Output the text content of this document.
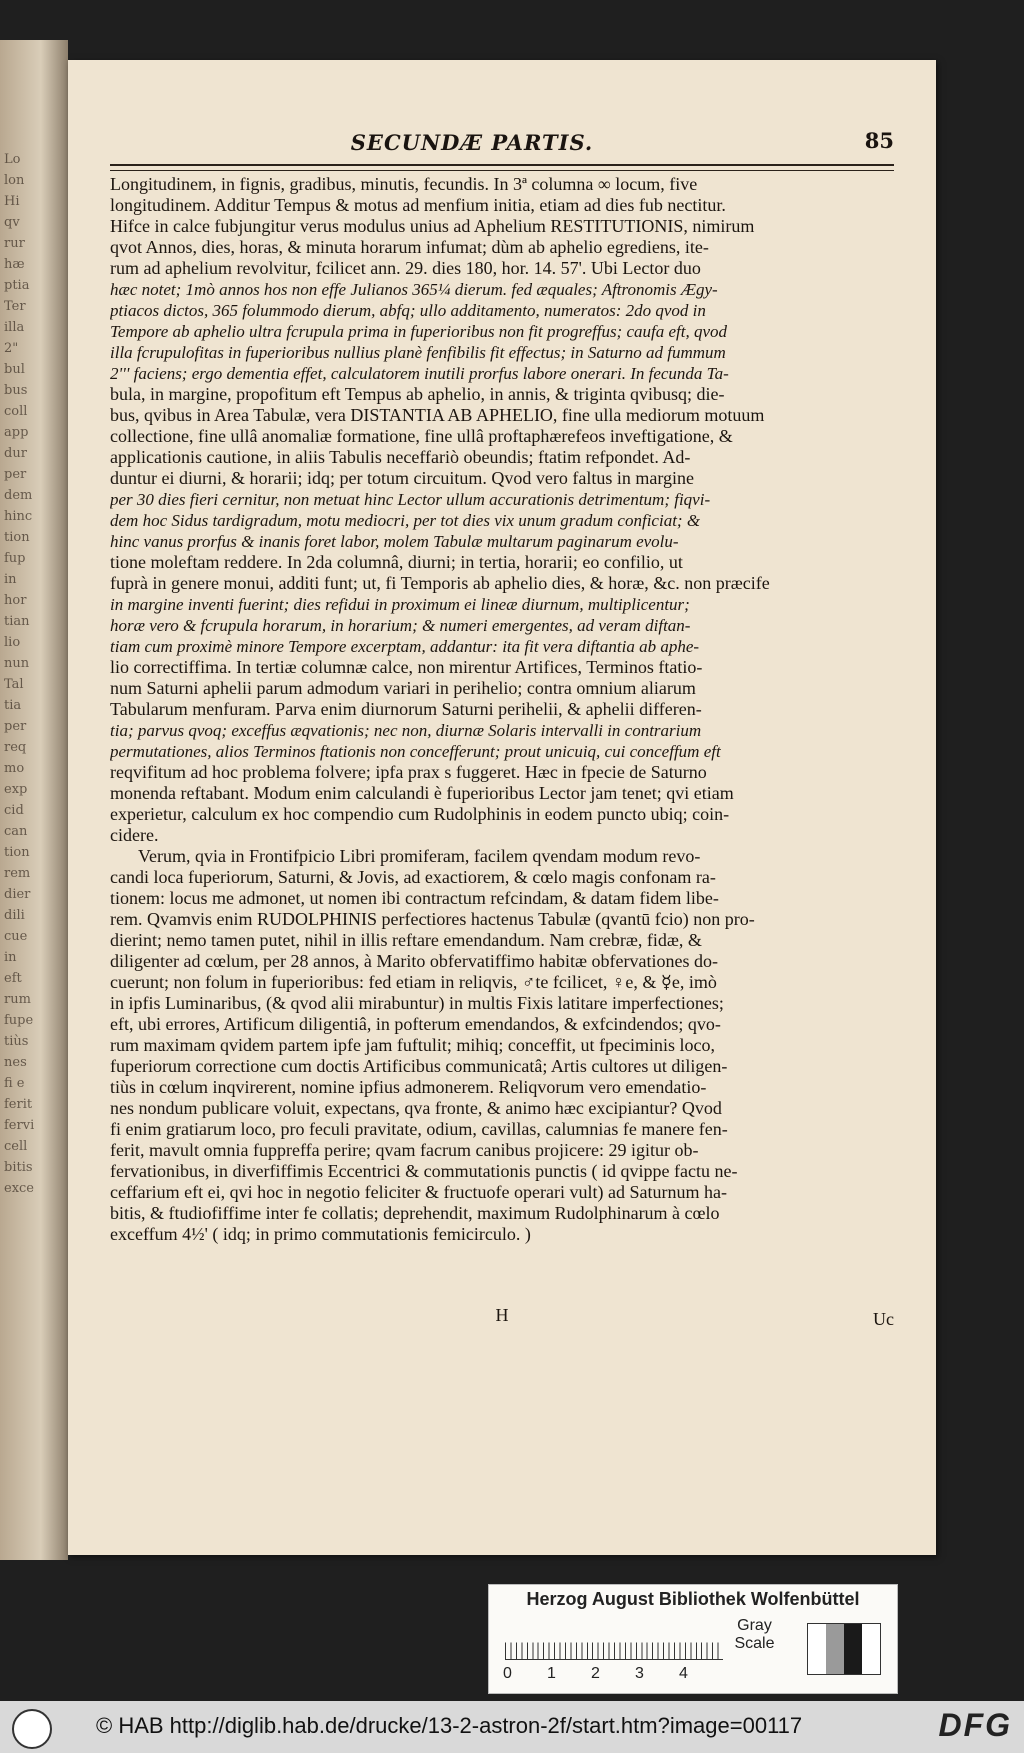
Lo
lon
Hi
qv
rur
hæ
ptia
Ter
illa
2"
bul
bus
coll
app
dur
per
dem
hinc
tion
fup
in
hor
tian
lio
nun
Tal
tia
per
req
mo
exp
cid
can
tion
rem
dier
dili
cue
in
eft
rum
fupe
tiùs
nes
fi e
ferit
fervi
cell
bitis
exce
SECUNDÆ PARTIS.	85
Longitudinem, in fignis, gradibus, minutis, fecundis. In 3ª columna ∞ locum, five
longitudinem. Additur Tempus & motus ad menfium initia, etiam ad dies fub nectitur.
Hifce in calce fubjungitur verus modulus unius ad Aphelium RESTITUTIONIS, nimirum
qvot Annos, dies, horas, & minuta horarum infumat; dùm ab aphelio egrediens, ite-
rum ad aphelium revolvitur, fcilicet ann. 29. dies 180, hor. 14. 57'. Ubi Lector duo
hæc notet; 1mò annos hos non effe Julianos 365¼ dierum. fed æquales; Aftronomis Ægy-
ptiacos dictos, 365 folummodo dierum, abfq; ullo additamento, numeratos: 2do qvod in
Tempore ab aphelio ultra fcrupula prima in fuperioribus non fit progreffus; caufa eft, qvod
illa fcrupulofitas in fuperioribus nullius planè fenfibilis fit effectus; in Saturno ad fummum
2''' faciens; ergo dementia effet, calculatorem inutili prorfus labore onerari. In fecunda Ta-
bula, in margine, propofitum eft Tempus ab aphelio, in annis, & triginta qvibusq; die-
bus, qvibus in Area Tabulæ, vera DISTANTIA AB APHELIO, fine ulla mediorum motuum
collectione, fine ullâ anomaliæ formatione, fine ullâ proftaphærefeos inveftigatione, &
applicationis cautione, in aliis Tabulis neceffariò obeundis; ftatim refpondet. Ad-
duntur ei diurni, & horarii; idq; per totum circuitum. Qvod vero faltus in margine
per 30 dies fieri cernitur, non metuat hinc Lector ullum accurationis detrimentum; fiqvi-
dem hoc Sidus tardigradum, motu mediocri, per tot dies vix unum gradum conficiat; &
hinc vanus prorfus & inanis foret labor, molem Tabulæ multarum paginarum evolu-
tione moleftam reddere. In 2da columnâ, diurni; in tertia, horarii; eo confilio, ut
fuprà in genere monui, additi funt; ut, fi Temporis ab aphelio dies, & horæ, &c. non præcife
in margine inventi fuerint; dies refidui in proximum ei lineæ diurnum, multiplicentur;
horæ vero & fcrupula horarum, in horarium; & numeri emergentes, ad veram diftan-
tiam cum proximè minore Tempore excerptam, addantur: ita fit vera diftantia ab aphe-
lio correctiffima. In tertiæ columnæ calce, non mirentur Artifices, Terminos ftatio-
num Saturni aphelii parum admodum variari in perihelio; contra omnium aliarum
Tabularum menfuram. Parva enim diurnorum Saturni perihelii, & aphelii differen-
tia; parvus qvoq; exceffus æqvationis; nec non, diurnæ Solaris intervalli in contrarium
permutationes, alios Terminos ftationis non concefferunt; prout unicuiq, cui conceffum eft
reqvifitum ad hoc problema folvere; ipfa prax s fuggeret. Hæc in fpecie de Saturno
monenda reftabant. Modum enim calculandi è fuperioribus Lector jam tenet; qvi etiam
experietur, calculum ex hoc compendio cum Rudolphinis in eodem puncto ubiq; coin-
cidere.
Verum, qvia in Frontifpicio Libri promiferam, facilem qvendam modum revo-
candi loca fuperiorum, Saturni, & Jovis, ad exactiorem, & cœlo magis confonam ra-
tionem: locus me admonet, ut nomen ibi contractum refcindam, & datam fidem libe-
rem. Qvamvis enim RUDOLPHINIS perfectiores hactenus Tabulæ (qvantū fcio) non pro-
dierint; nemo tamen putet, nihil in illis reftare emendandum. Nam crebræ, fidæ, &
diligenter ad cœlum, per 28 annos, à Marito obfervatiffimo habitæ obfervationes do-
cuerunt; non folum in fuperioribus: fed etiam in reliqvis, ♂te fcilicet, ♀e, & ☿e, imò
in ipfis Luminaribus, (& qvod alii mirabuntur) in multis Fixis latitare imperfectiones;
eft, ubi errores, Artificum diligentiâ, in pofterum emendandos, & exfcindendos; qvo-
rum maximam qvidem partem ipfe jam fuftulit; mihiq; conceffit, ut fpeciminis loco,
fuperiorum correctione cum doctis Artificibus communicatâ; Artis cultores ut diligen-
tiùs in cœlum inqvirerent, nomine ipfius admonerem. Reliqvorum vero emendatio-
nes nondum publicare voluit, expectans, qva fronte, & animo hæc excipiantur? Qvod
fi enim gratiarum loco, pro feculi pravitate, odium, cavillas, calumnias fe manere fen-
ferit, mavult omnia fuppreffa perire; qvam facrum canibus projicere: 29 igitur ob-
fervationibus, in diverfiffimis Eccentrici & commutationis punctis ( id qvippe factu ne-
ceffarium eft ei, qvi hoc in negotio feliciter & fructuofe operari vult) ad Saturnum ha-
bitis, & ftudiofiffime inter fe collatis; deprehendit, maximum Rudolphinarum à cœlo
exceffum 4½' ( idq; in primo commutationis femicirculo. )
H	Uc
Herzog August Bibliothek Wolfenbüttel
0 1 2 3 4
Gray Scale
© HAB http://diglib.hab.de/drucke/13-2-astron-2f/start.htm?image=00117	DFG
